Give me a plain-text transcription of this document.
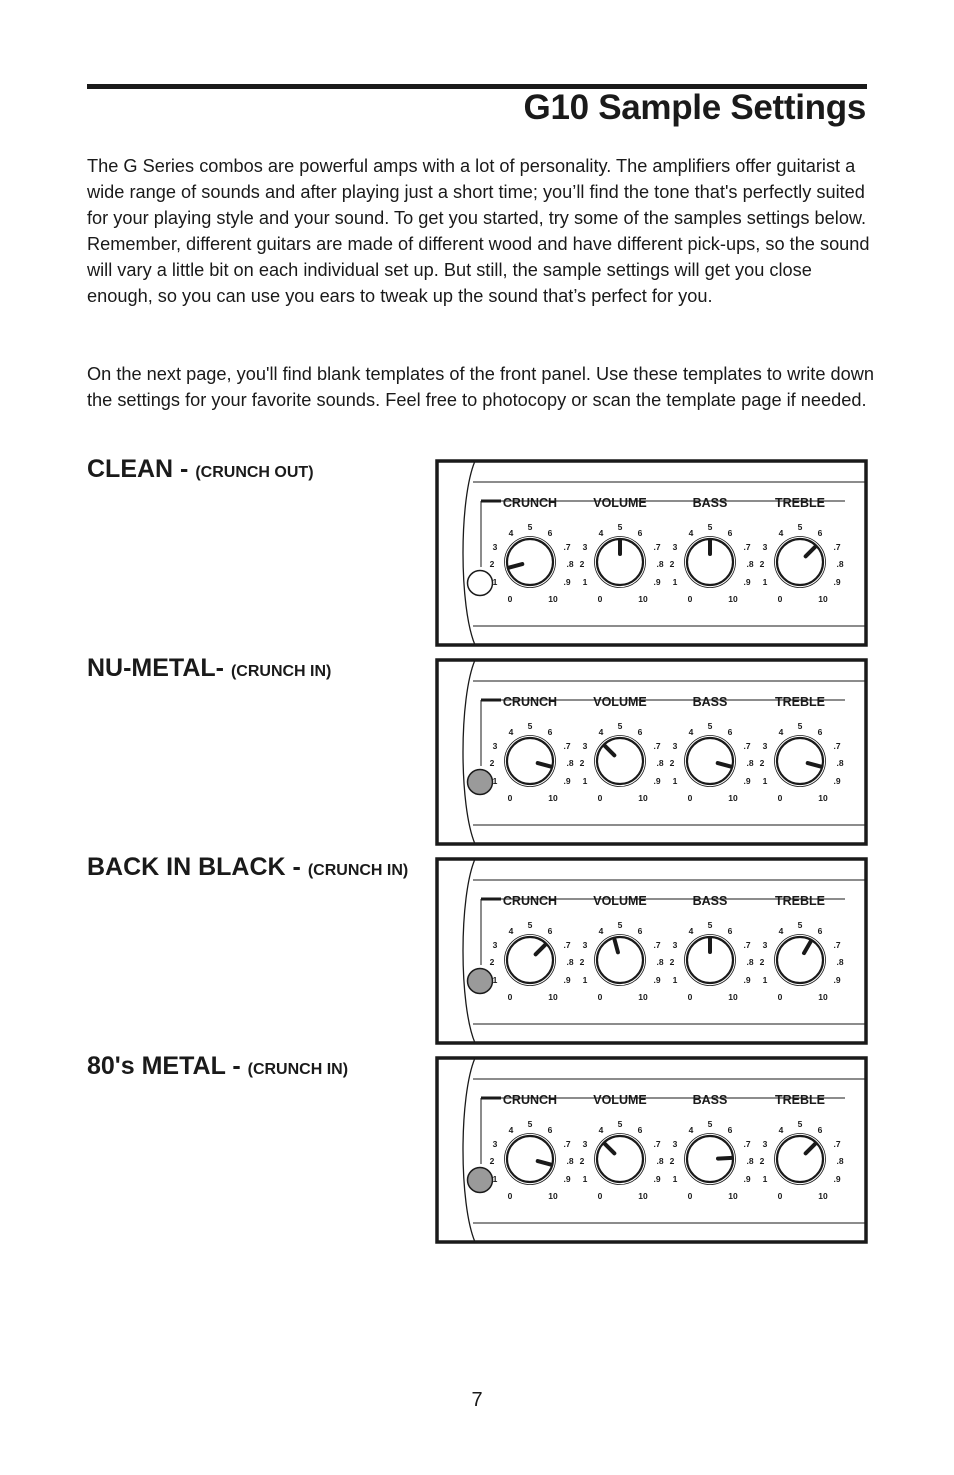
G10 Sample Settings

The G Series combos are powerful amps with a lot of personality. The amplifiers offer guitarist a wide range of sounds and after playing just a short time; you’ll find the tone that's perfectly suited for your playing style and your sound. To get you started, try some of the samples settings below. Remember, different guitars are made of different wood and have different pick-ups, so the sound will vary a little bit on each individual set up. But still, the sample settings will get you close enough, so you can use you ears to tweak up the sound that’s perfect for you.

On the next page, you'll find blank templates of the front panel. Use these templates to write down the settings for your favorite sounds. Feel free to photocopy or scan the template page if needed.

CLEAN - (CRUNCH OUT)
CRUNCH
0
1
2
3
4
5
6
.7
.8
.9
10
VOLUME
0
1
2
3
4
5
6
.7
.8
.9
10
BASS
0
1
2
3
4
5
6
.7
.8
.9
10
TREBLE
0
1
2
3
4
5
6
.7
.8
.9
10
NU-METAL- (CRUNCH IN)
CRUNCH
0
1
2
3
4
5
6
.7
.8
.9
10
VOLUME
0
1
2
3
4
5
6
.7
.8
.9
10
BASS
0
1
2
3
4
5
6
.7
.8
.9
10
TREBLE
0
1
2
3
4
5
6
.7
.8
.9
10
BACK IN BLACK - (CRUNCH IN)
CRUNCH
0
1
2
3
4
5
6
.7
.8
.9
10
VOLUME
0
1
2
3
4
5
6
.7
.8
.9
10
BASS
0
1
2
3
4
5
6
.7
.8
.9
10
TREBLE
0
1
2
3
4
5
6
.7
.8
.9
10
80's METAL - (CRUNCH IN)
CRUNCH
0
1
2
3
4
5
6
.7
.8
.9
10
VOLUME
0
1
2
3
4
5
6
.7
.8
.9
10
BASS
0
1
2
3
4
5
6
.7
.8
.9
10
TREBLE
0
1
2
3
4
5
6
.7
.8
.9
10
7
